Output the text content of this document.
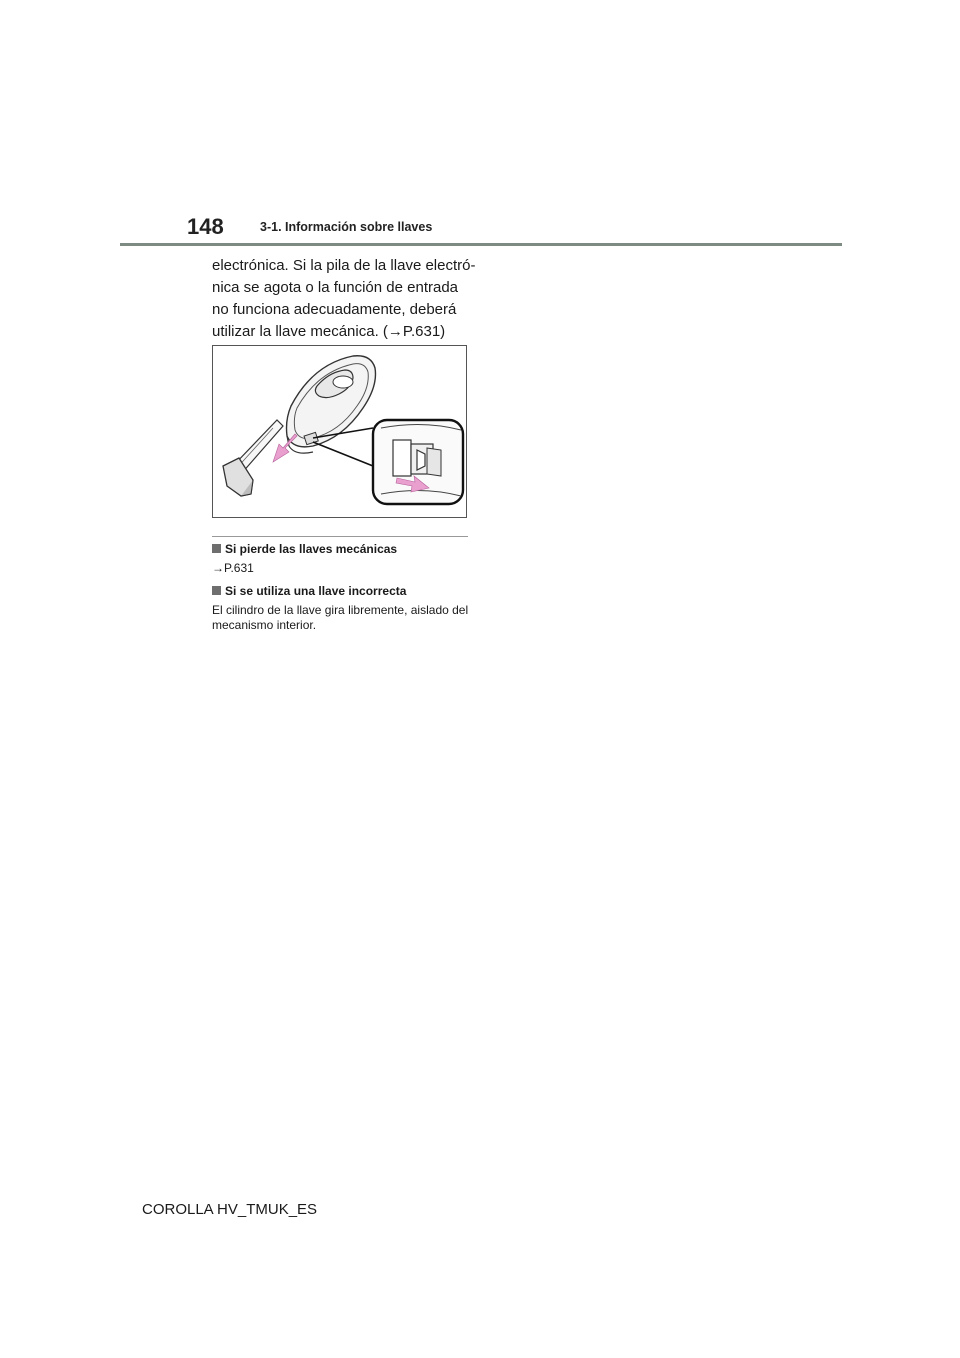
148	3-1. Información sobre llaves
electrónica. Si la pila de la llave electró-
nica se agota o la función de entrada
no funciona adecuadamente, deberá
utilizar la llave mecánica. (→P.631)
Si pierde las llaves mecánicas
→P.631
Si se utiliza una llave incorrecta
El cilindro de la llave gira libremente, aislado del mecanismo interior.
COROLLA HV_TMUK_ES
